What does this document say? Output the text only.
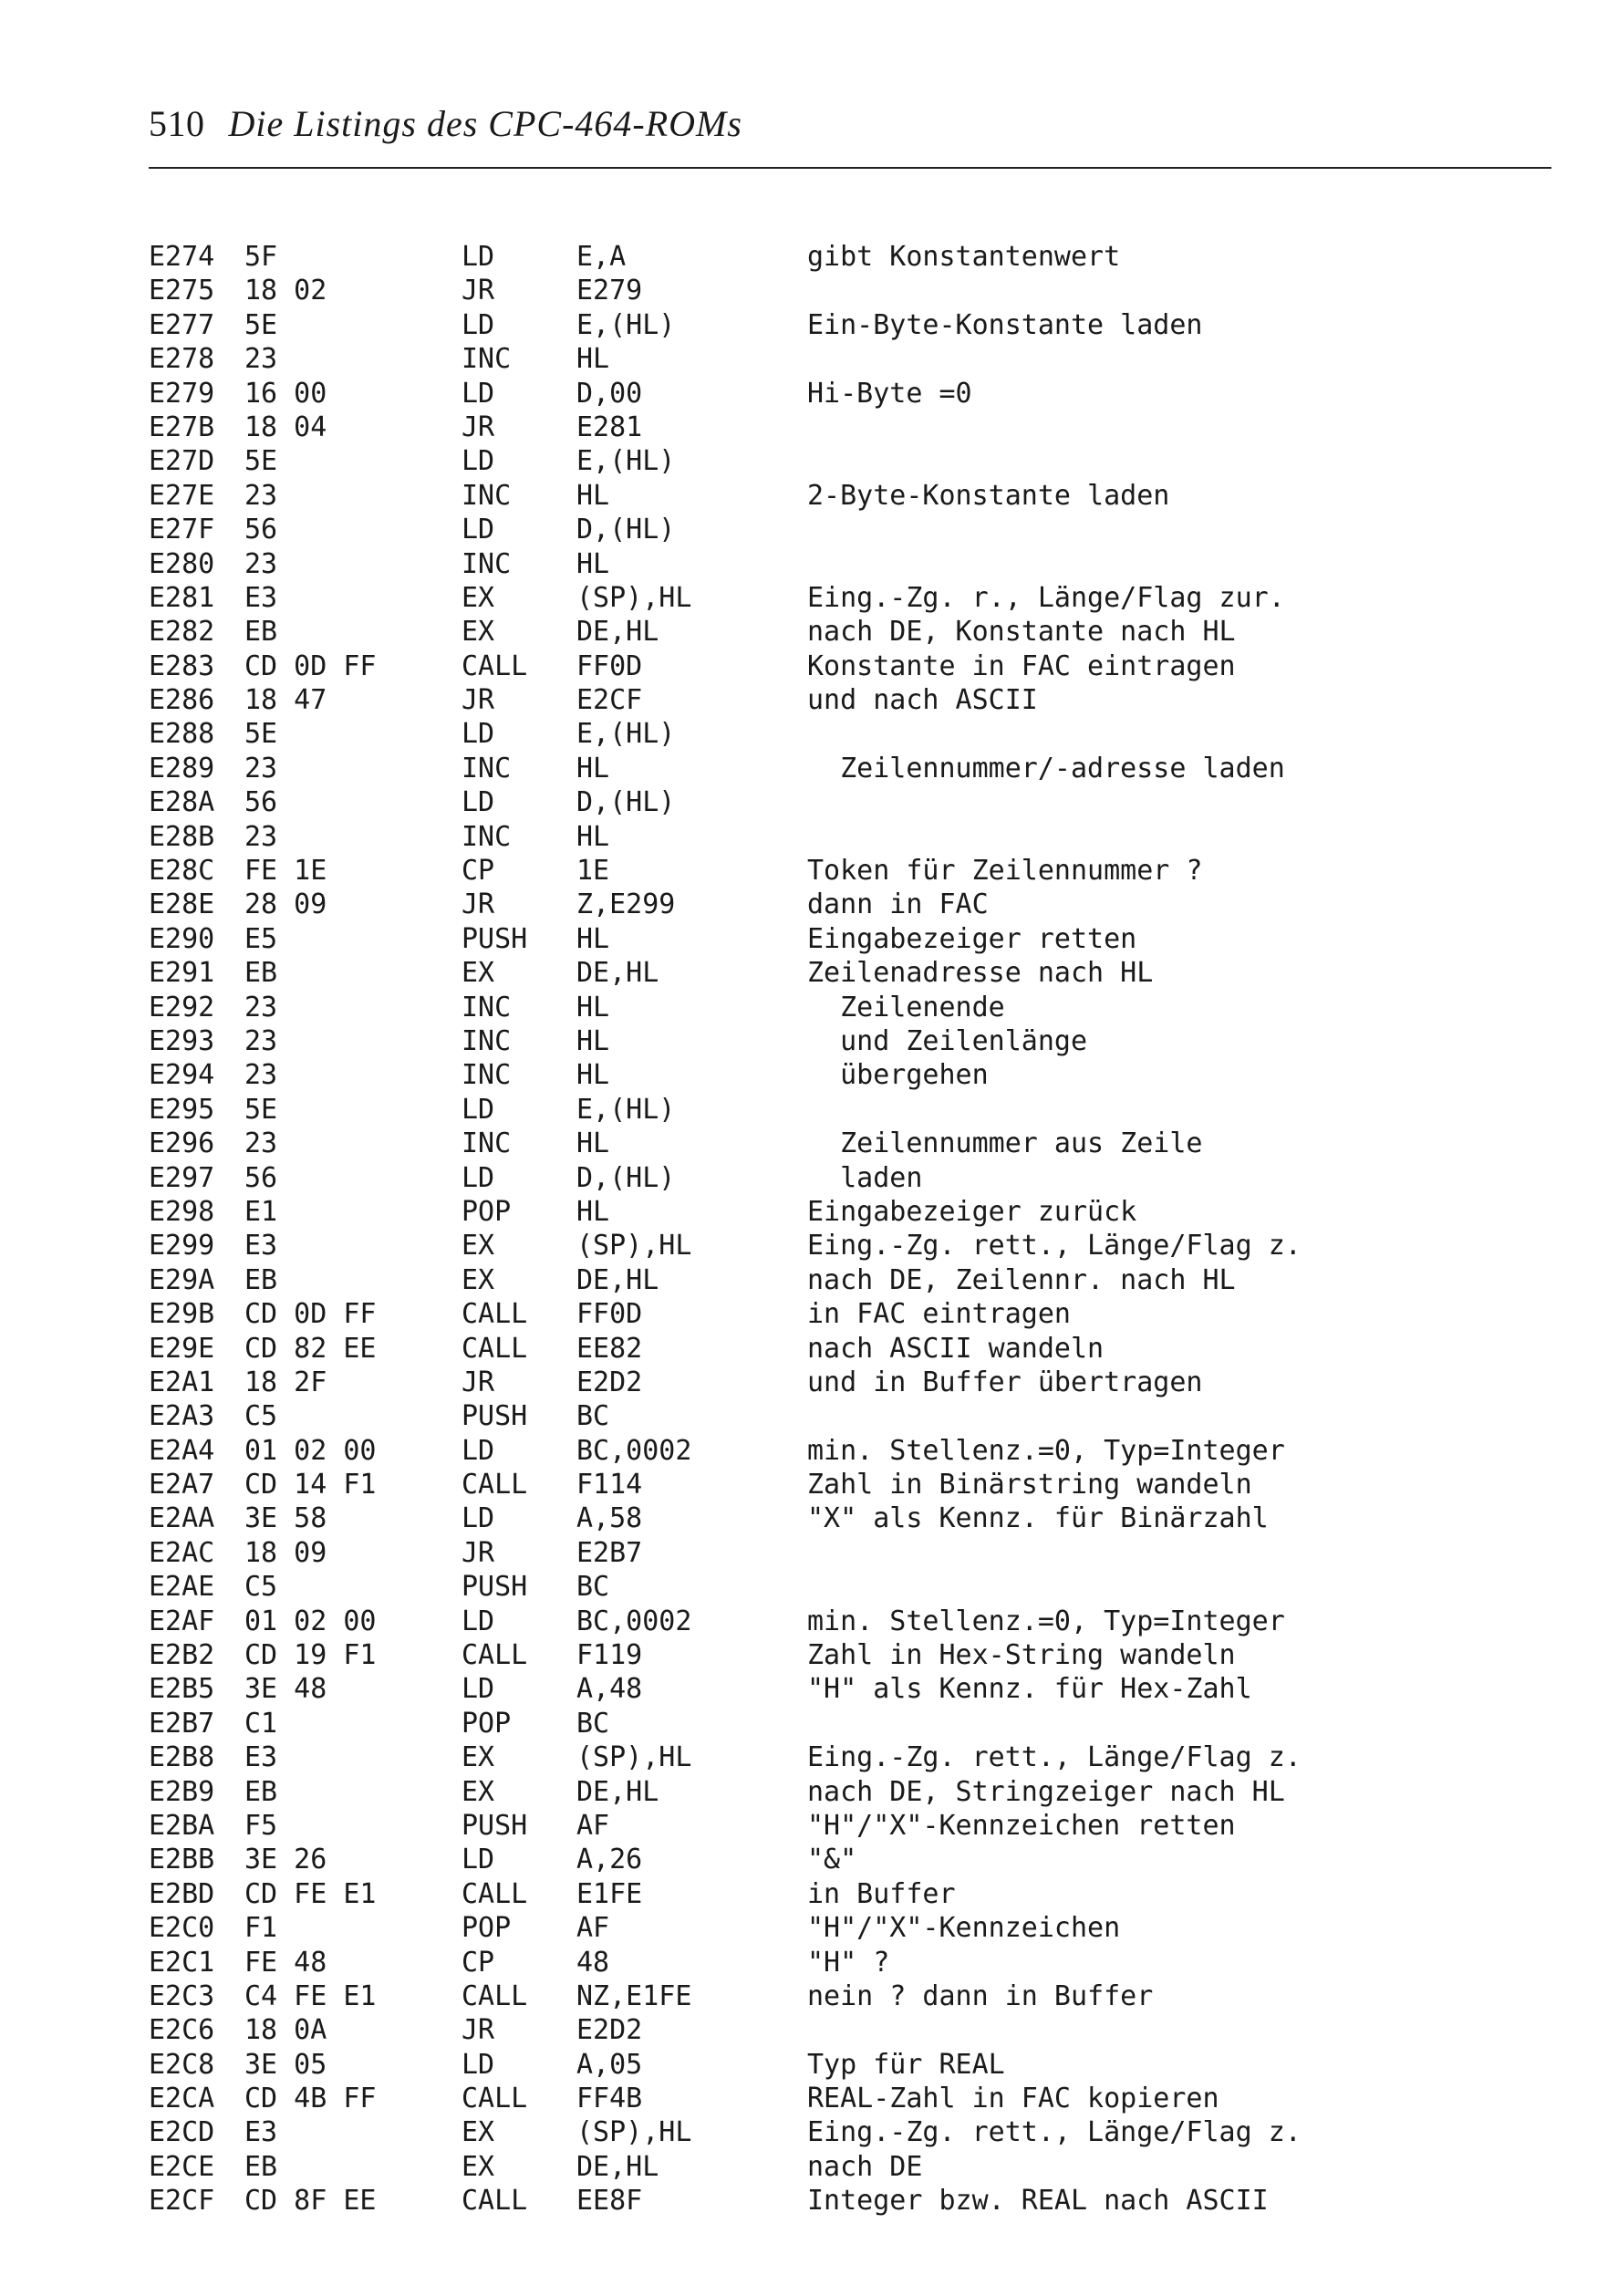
510 Die Listings des CPC-464-ROMs
E274 5F	LD	E,A	gibt Konstantenwert
E275 18 02	JR	E279
E277 5E	LD	E,(HL)	Ein-Byte-Konstante laden
E278 23	INC HL
E279 16 00	LD	D,00	Hi-Byte =0
E27B 18 04	JR	E281
E27D 5E	LD	E,(HL)
E27E 23	INC HL	2-Byte-Konstante laden
E27F 56	LD	D,(HL)
E280 23	INC HL
E281 E3	EX	(SP),HL	Eing.-Zg. r., Länge/Flag zur.
E282 EB	EX	DE,HL	nach DE, Konstante nach HL
E283 CD 0D FF	CALL FF0D	Konstante in FAC eintragen
E286 18 47	JR	E2CF	und nach ASCII
E288 5E	LD	E,(HL)
E289 23	INC HL	Zeilennummer/-adresse laden
E28A 56	LD	D,(HL)
E28B 23	INC HL
E28C FE 1E	CP	1E	Token für Zeilennummer ?
E28E 28 09	JR	Z,E299	dann in FAC
E290 E5	PUSH HL	Eingabezeiger retten
E291 EB	EX	DE,HL	Zeilenadresse nach HL
E292 23	INC HL	Zeilenende
E293 23	INC HL	und Zeilenlänge
E294 23	INC HL	übergehen
E295 5E	LD	E,(HL)
E296 23	INC HL	Zeilennummer aus Zeile
E297 56	LD	D,(HL)	laden
E298 E1	POP HL	Eingabezeiger zurück
E299 E3	EX	(SP),HL	Eing.-Zg. rett., Länge/Flag z.
E29A EB	EX	DE,HL	nach DE, Zeilennr. nach HL
E29B CD 0D FF	CALL FF0D	in FAC eintragen
E29E CD 82 EE	CALL EE82	nach ASCII wandeln
E2A1 18 2F	JR	E2D2	und in Buffer übertragen
E2A3 C5	PUSH BC
E2A4 01 02 00	LD	BC,0002	min. Stellenz.=0, Typ=Integer
E2A7 CD 14 F1	CALL F114	Zahl in Binärstring wandeln
E2AA 3E 58	LD	A,58	"X" als Kennz. für Binärzahl
E2AC 18 09	JR	E2B7
E2AE C5	PUSH BC
E2AF 01 02 00	LD	BC,0002	min. Stellenz.=0, Typ=Integer
E2B2 CD 19 F1	CALL F119	Zahl in Hex-String wandeln
E2B5 3E 48	LD	A,48	"H" als Kennz. für Hex-Zahl
E2B7 C1	POP BC
E2B8 E3	EX	(SP),HL	Eing.-Zg. rett., Länge/Flag z.
E2B9 EB	EX	DE,HL	nach DE, Stringzeiger nach HL
E2BA F5	PUSH AF	"H"/"X"-Kennzeichen retten
E2BB 3E 26	LD	A,26	"&"
E2BD CD FE E1	CALL E1FE	in Buffer
E2C0 F1	POP AF	"H"/"X"-Kennzeichen
E2C1 FE 48	CP	48	"H" ?
E2C3 C4 FE E1	CALL NZ,E1FE	nein ? dann in Buffer
E2C6 18 0A	JR	E2D2
E2C8 3E 05	LD	A,05	Typ für REAL
E2CA CD 4B FF	CALL FF4B	REAL-Zahl in FAC kopieren
E2CD E3	EX	(SP),HL	Eing.-Zg. rett., Länge/Flag z.
E2CE EB	EX	DE,HL	nach DE
E2CF CD 8F EE	CALL EE8F	Integer bzw. REAL nach ASCII
